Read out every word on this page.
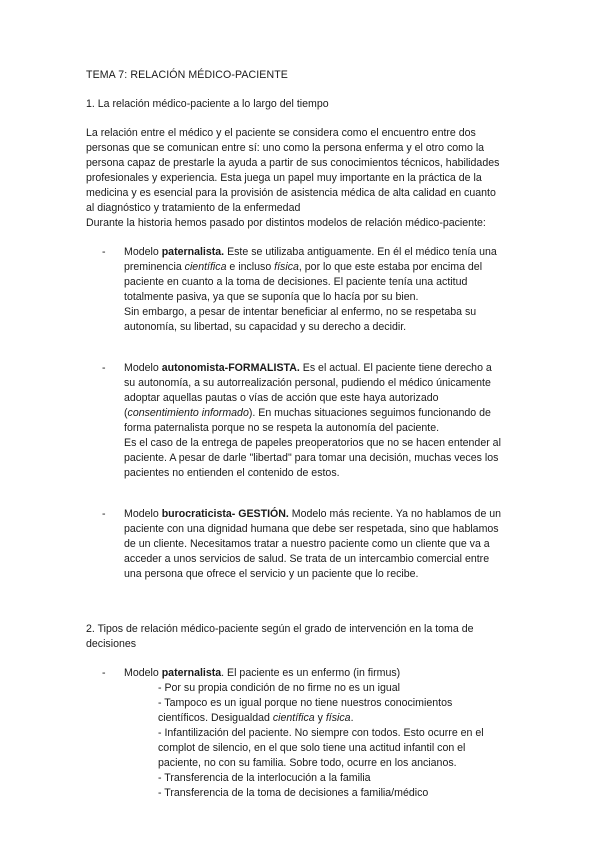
TEMA 7: RELACIÓN MÉDICO-PACIENTE

1. La relación médico-paciente a lo largo del tiempo

La relación entre el médico y el paciente se considera como el encuentro entre dos personas que se comunican entre sí: uno como la persona enferma y el otro como la persona capaz de prestarle la ayuda a partir de sus conocimientos técnicos, habilidades profesionales y experiencia. Esta juega un papel muy importante en la práctica de la medicina y es esencial para la provisión de asistencia médica de alta calidad en cuanto al diagnóstico y tratamiento de la enfermedad

Durante la historia hemos pasado por distintos modelos de relación médico-paciente:

- Modelo paternalista. Este se utilizaba antiguamente. En él el médico tenía una preminencia científica e incluso física, por lo que este estaba por encima del paciente en cuanto a la toma de decisiones. El paciente tenía una actitud totalmente pasiva, ya que se suponía que lo hacía por su bien.
Sin embargo, a pesar de intentar beneficiar al enfermo, no se respetaba su autonomía, su libertad, su capacidad y su derecho a decidir.
- Modelo autonomista-FORMALISTA. Es el actual. El paciente tiene derecho a su autonomía, a su autorrealización personal, pudiendo el médico únicamente adoptar aquellas pautas o vías de acción que este haya autorizado (consentimiento informado). En muchas situaciones seguimos funcionando de forma paternalista porque no se respeta la autonomía del paciente.
Es el caso de la entrega de papeles preoperatorios que no se hacen entender al paciente. A pesar de darle "libertad" para tomar una decisión, muchas veces los pacientes no entienden el contenido de estos.
- Modelo burocraticista- GESTIÓN. Modelo más reciente. Ya no hablamos de un paciente con una dignidad humana que debe ser respetada, sino que hablamos de un cliente. Necesitamos tratar a nuestro paciente como un cliente que va a acceder a unos servicios de salud. Se trata de un intercambio comercial entre una persona que ofrece el servicio y un paciente que lo recibe.

2. Tipos de relación médico-paciente según el grado de intervención en la toma de decisiones

- Modelo paternalista. El paciente es un enfermo (in firmus)

- Por su propia condición de no firme no es un igual

- Tampoco es un igual porque no tiene nuestros conocimientos

científicos. Desigualdad científica y física.

- Infantilización del paciente. No siempre con todos. Esto ocurre en el

complot de silencio, en el que solo tiene una actitud infantil con el paciente, no con su familia. Sobre todo, ocurre en los ancianos.

- Transferencia de la interlocución a la familia

- Transferencia de la toma de decisiones a familia/médico
